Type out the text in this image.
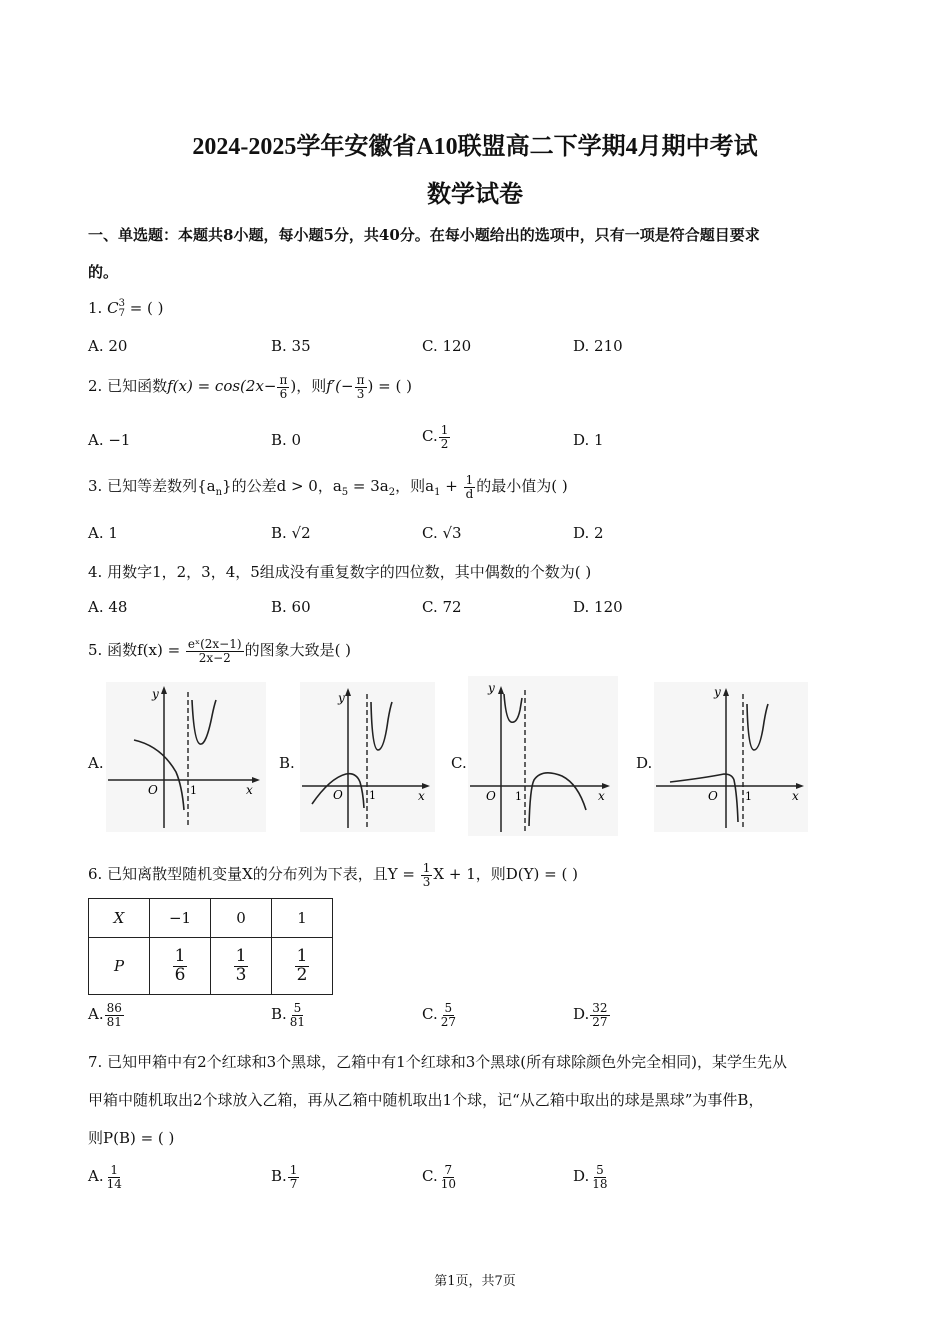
2024-2025学年安徽省A10联盟高二下学期4月期中考试
数学试卷
一、单选题：本题共8小题，每小题5分，共40分。在每小题给出的选项中，只有一项是符合题目要求
的。
1. C 3
7 = ( )
A. 20	B. 35	C. 120	D. 210
2. 已知函数$f(x) = \cos(2x- \frac{\pi}{6}$ )，则$f'(- \frac{\pi}{3}$ ) = ( )
A. −1	B. 0	C. $\frac{1}{2}$	D. 1
3. 已知等差数列$\{a_n\}$的公差d > 0，$a_5 = 3a_2$，则$a_1 + \frac{1}{d}$ 的最小值为( )
A. 1	B. √2	C. √3	D. 2
4. 用数字1，2，3，4，5组成没有重复数字的四位数，其中偶数的个数为( )
A. 48	B. 60	C. 72	D. 120
5. 函数$f(x) = \frac{\text{eˣ(2x−1)}}{2x-2}$ 的图象大致是( )
A.	B.	C.	D.
y
x
O	1
y
x
O 1
y
x
O 1
y
x
O 1
6. 已知离散型随机变量X的分布列为下表，且$Y = \frac{1}{3}$ X + 1，则D(Y) = ( )
X	−1	0	1
P	$\frac{1}{6}$	$\frac{1}{3}$	$\frac{1}{2}$
A. $\frac{86}{81}$	B. $\frac{5}{81}$	C. $\frac{5}{27}$	D. $\frac{32}{27}$
7. 已知甲箱中有2个红球和3个黑球，乙箱中有1个红球和3个黑球(所有球除颜色外完全相同)，某学生先从
甲箱中随机取出2个球放入乙箱，再从乙箱中随机取出1个球，记“从乙箱中取出的球是黑球”为事件B，
则P(B) = ( )
A. $\frac{1}{14}$	B. $\frac{1}{7}$	C. $\frac{7}{10}$	D. $\frac{5}{18}$
第1页，共7页
